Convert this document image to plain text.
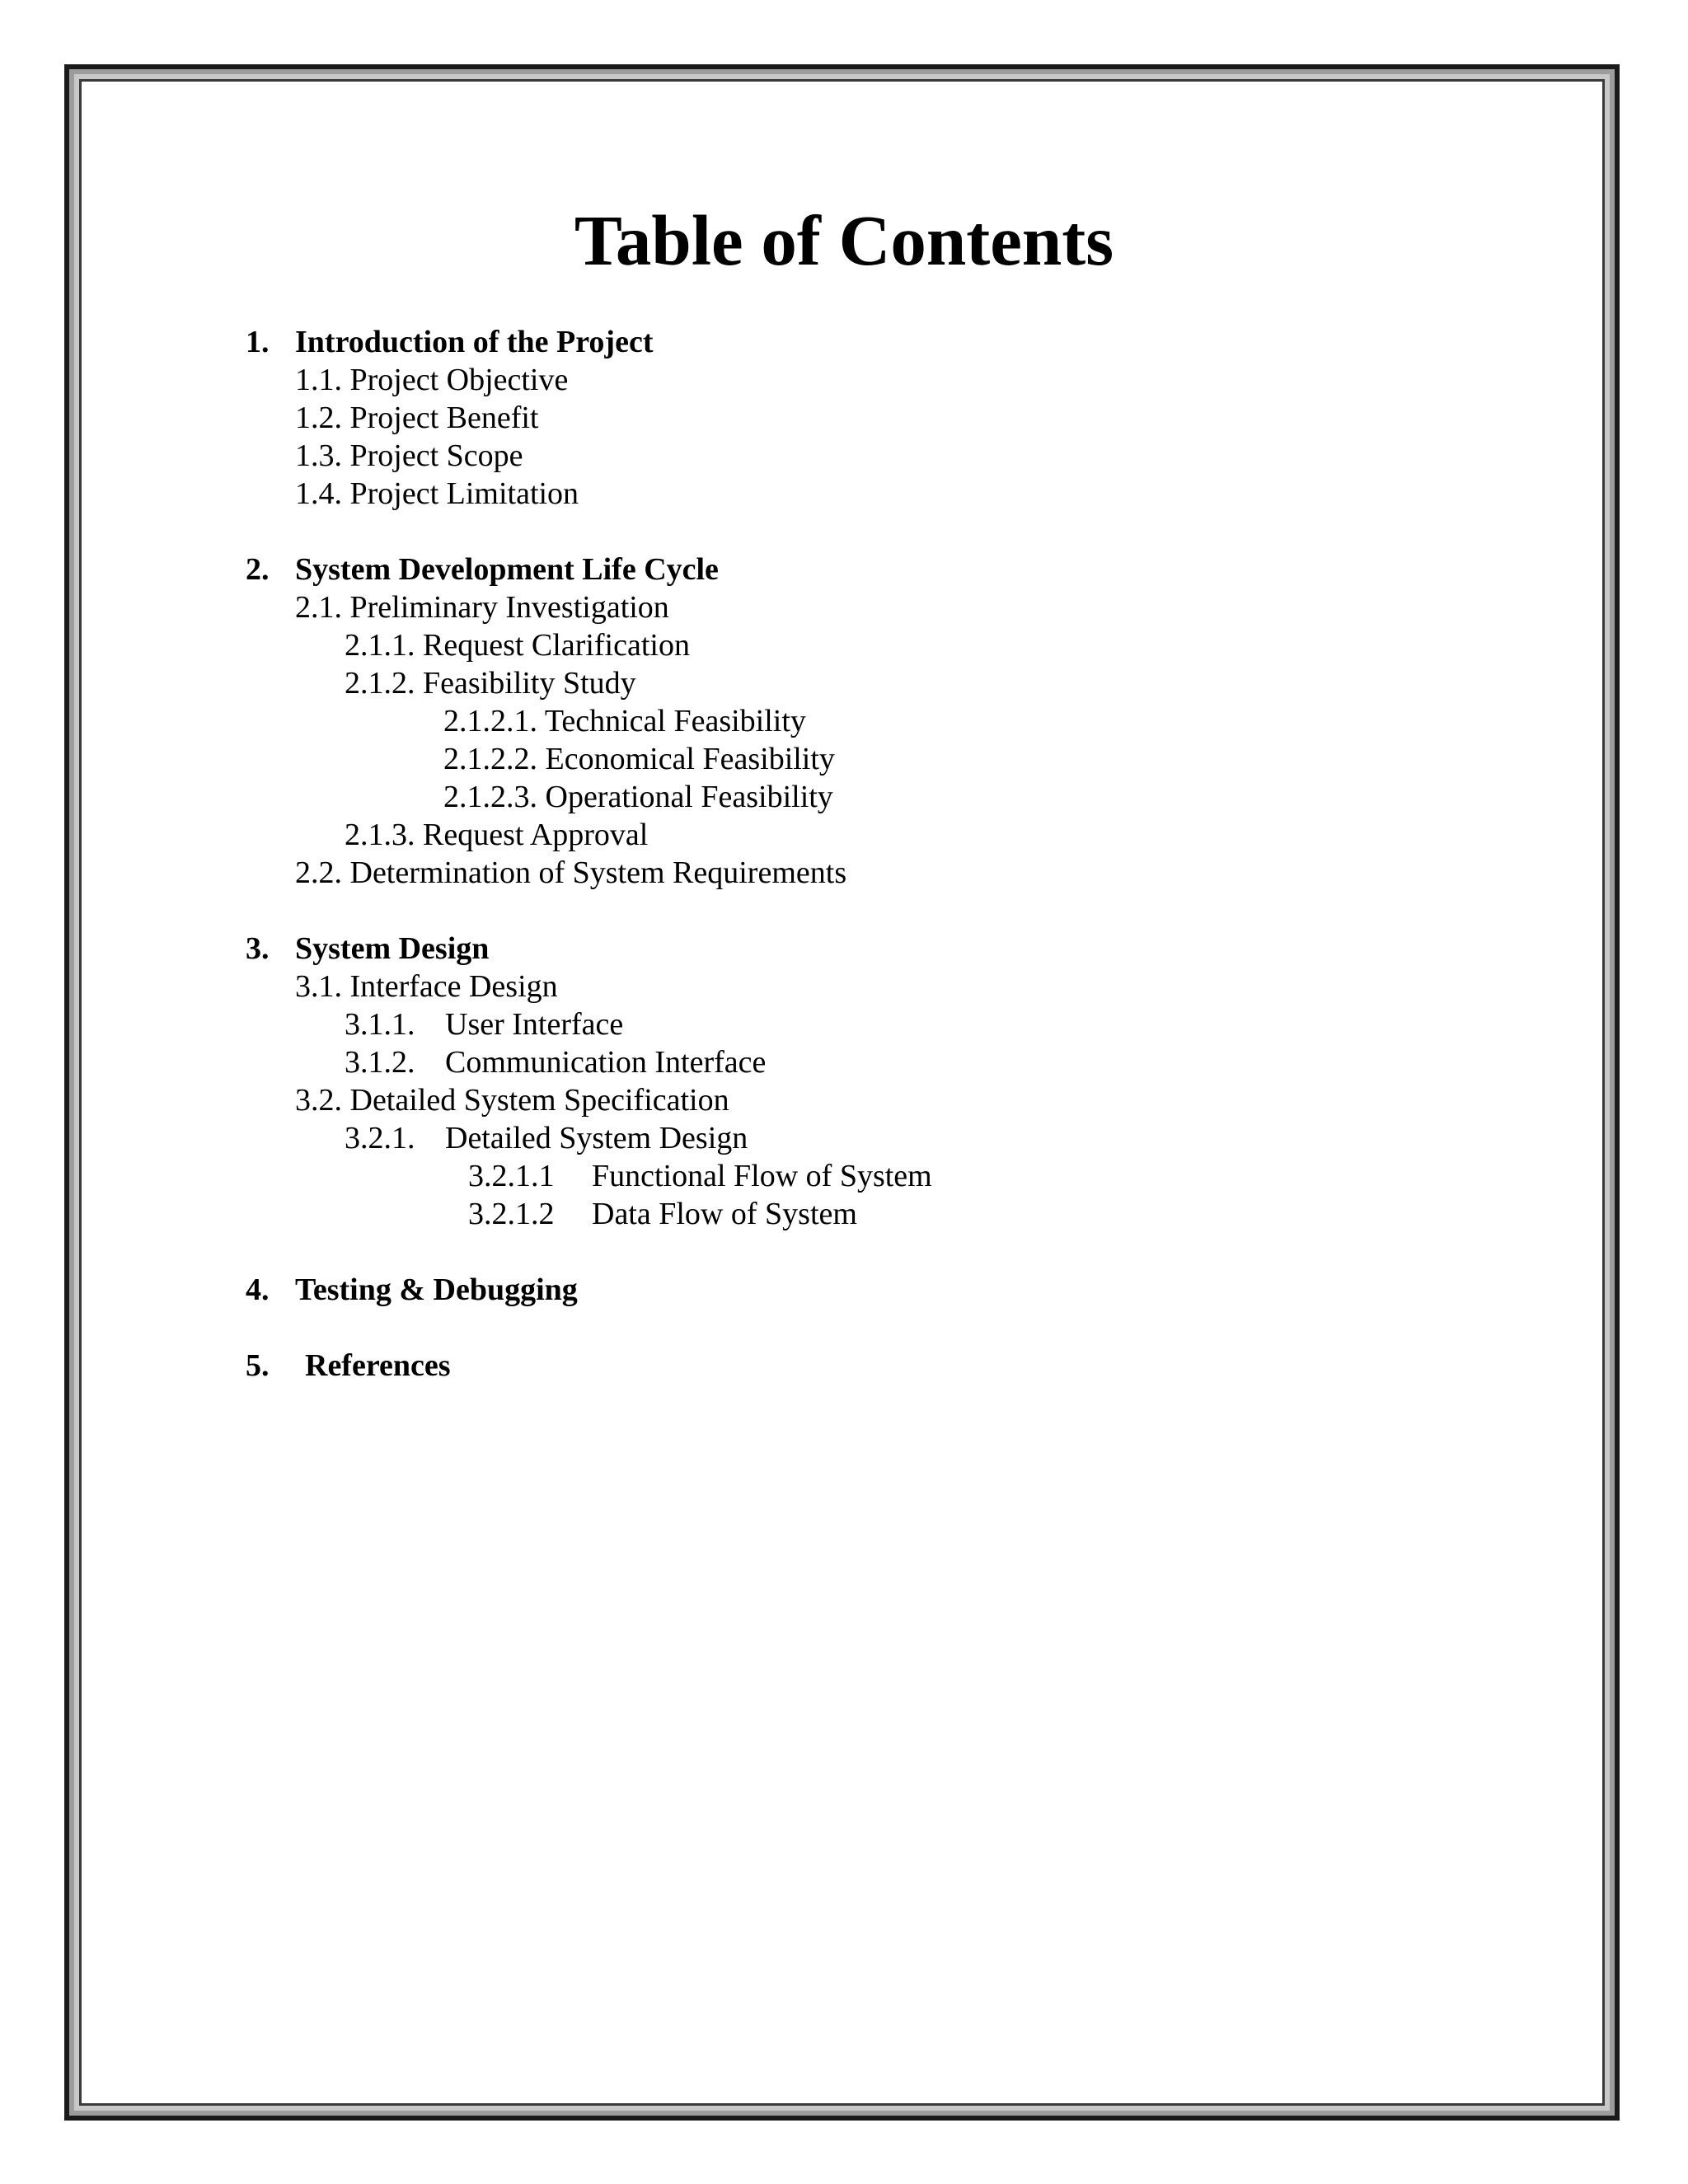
Table of Contents
1. Introduction of the Project
1.1. Project Objective
1.2. Project Benefit
1.3. Project Scope
1.4. Project Limitation
2. System Development Life Cycle
2.1. Preliminary Investigation
2.1.1. Request Clarification
2.1.2. Feasibility Study
2.1.2.1. Technical Feasibility
2.1.2.2. Economical Feasibility
2.1.2.3. Operational Feasibility
2.1.3. Request Approval
2.2. Determination of System Requirements
3. System Design
3.1. Interface Design
3.1.1. User Interface
3.1.2. Communication Interface
3.2. Detailed System Specification
3.2.1. Detailed System Design
3.2.1.1 Functional Flow of System
3.2.1.2 Data Flow of System
4. Testing & Debugging
5. References
